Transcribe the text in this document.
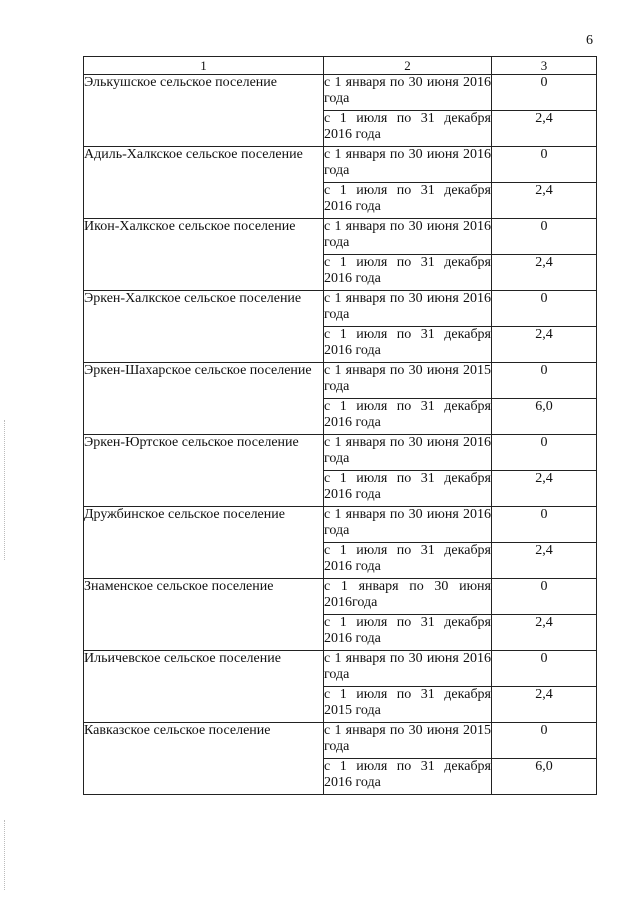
6
1	2	3
Элькушское сельское поселение	с 1 января по 30 июня 2016 года	0
	с 1 июля по 31 декабря 2016 года	2,4
Адиль-Халкское сельское поселение	с 1 января по 30 июня 2016 года	0
	с 1 июля по 31 декабря 2016 года	2,4
Икон-Халкское сельское поселение	с 1 января по 30 июня 2016 года	0
	с 1 июля по 31 декабря 2016 года	2,4
Эркен-Халкское сельское поселение	с 1 января по 30 июня 2016 года	0
	с 1 июля по 31 декабря 2016 года	2,4
Эркен-Шахарское сельское поселение	с 1 января по 30 июня 2015 года	0
	с 1 июля по 31 декабря 2016 года	6,0
Эркен-Юртское сельское поселение	с 1 января по 30 июня 2016 года	0
	с 1 июля по 31 декабря 2016 года	2,4
Дружбинское сельское поселение	с 1 января по 30 июня 2016 года	0
	с 1 июля по 31 декабря 2016 года	2,4
Знаменское сельское поселение	с 1 января по 30 июня 2016года	0
	с 1 июля по 31 декабря 2016 года	2,4
Ильичевское сельское поселение	с 1 января по 30 июня 2016 года	0
	с 1 июля по 31 декабря 2015 года	2,4
Кавказское сельское поселение	с 1 января по 30 июня 2015 года	0
	с 1 июля по 31 декабря 2016 года	6,0
